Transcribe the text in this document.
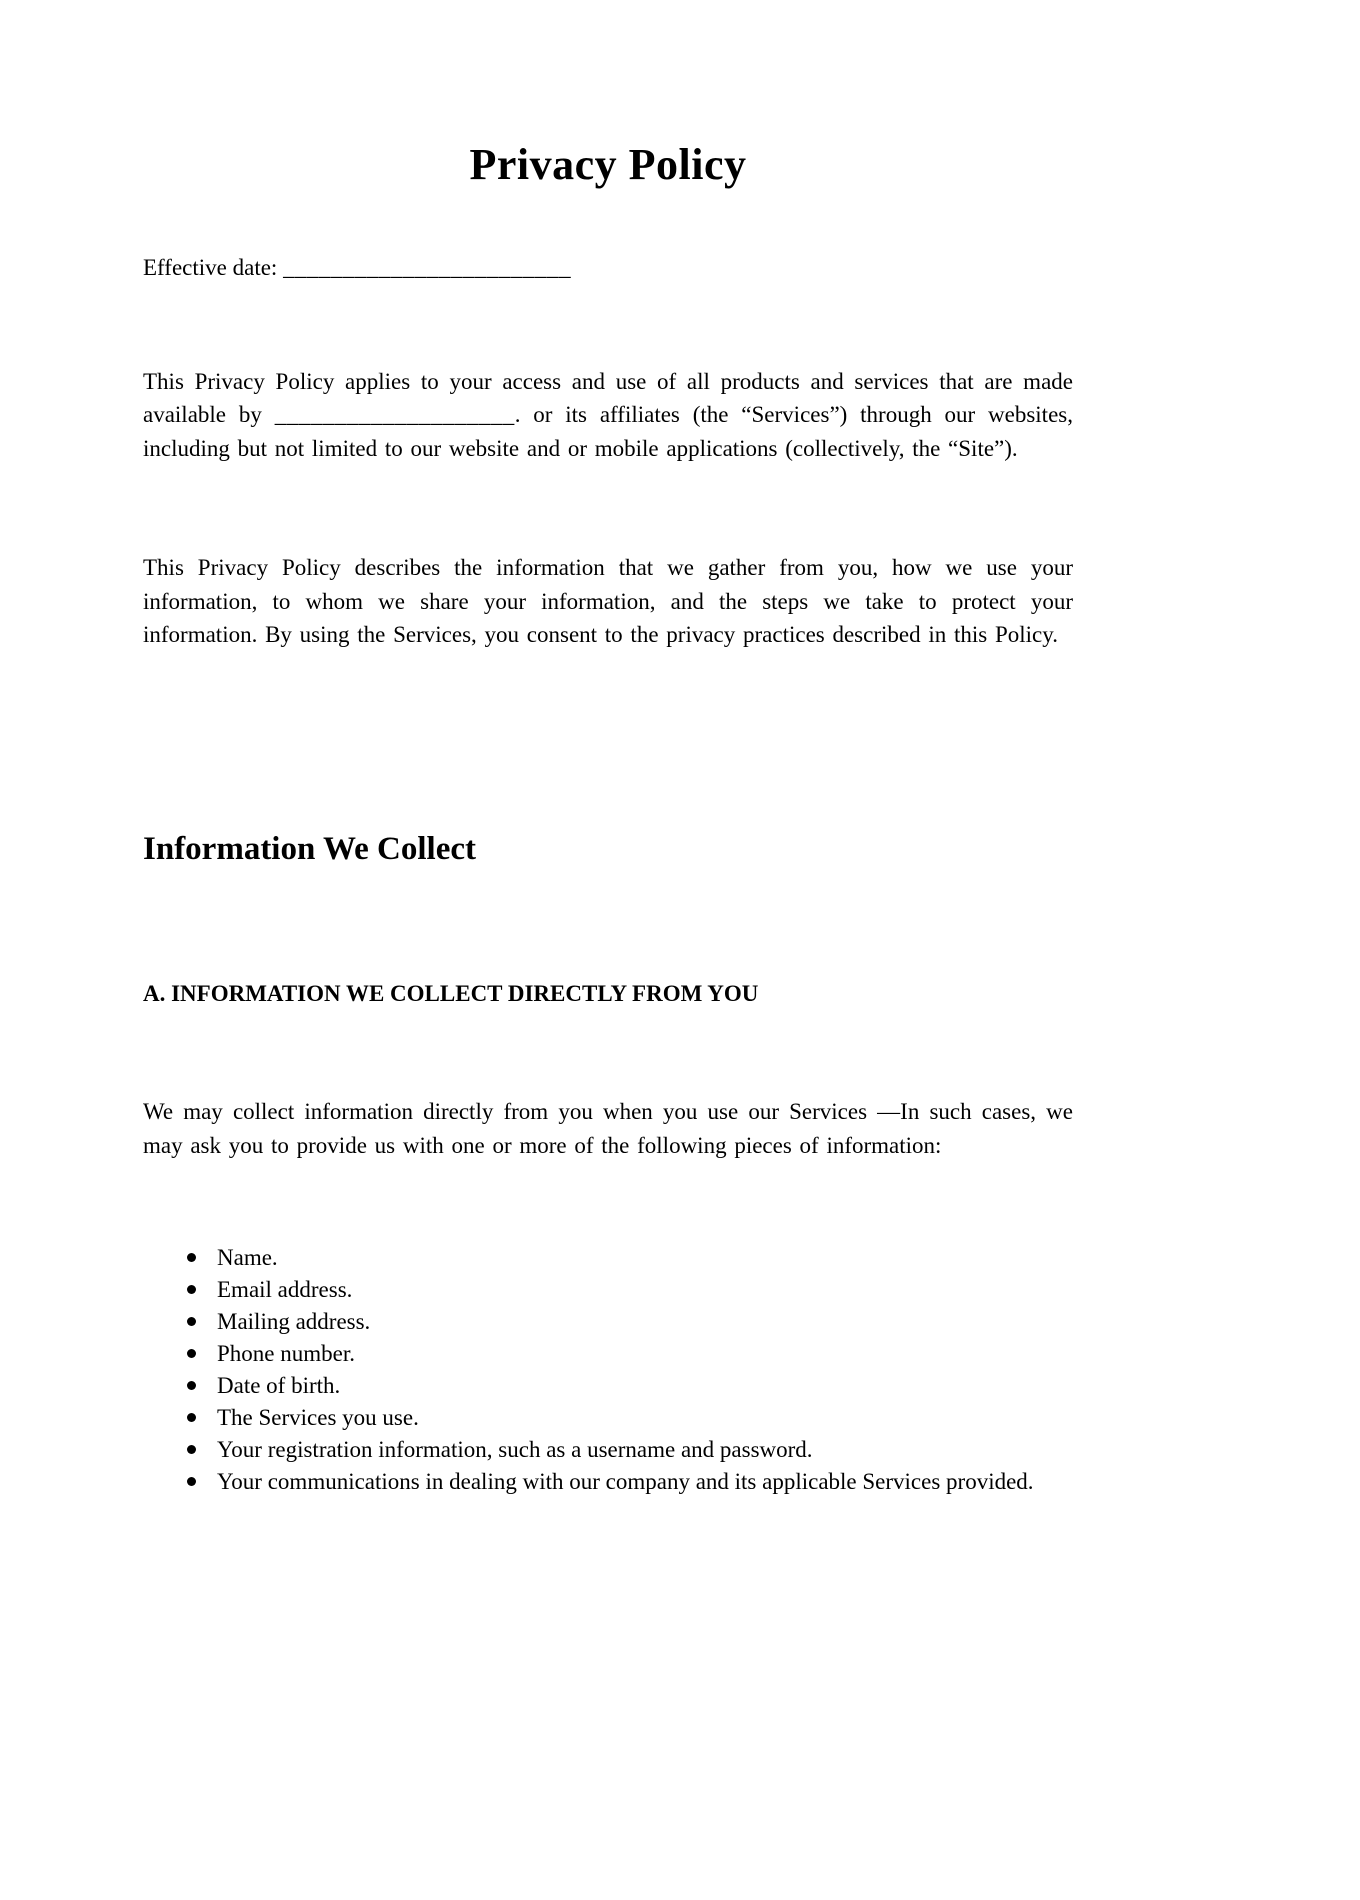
Privacy Policy

Effective date: ________________________

This Privacy Policy applies to your access and use of all products and services that are made available by ____________________. or its affiliates (the “Services”) through our websites, including but not limited to our website and or mobile applications (collectively, the “Site”).

This Privacy Policy describes the information that we gather from you, how we use your information, to whom we share your information, and the steps we take to protect your information. By using the Services, you consent to the privacy practices described in this Policy.

Information We Collect
A. INFORMATION WE COLLECT DIRECTLY FROM YOU

We may collect information directly from you when you use our Services —In such cases, we may ask you to provide us with one or more of the following pieces of information:

Name.
Email address.
Mailing address.
Phone number.
Date of birth.
The Services you use.
Your registration information, such as a username and password.
Your communications in dealing with our company and its applicable Services provided.
